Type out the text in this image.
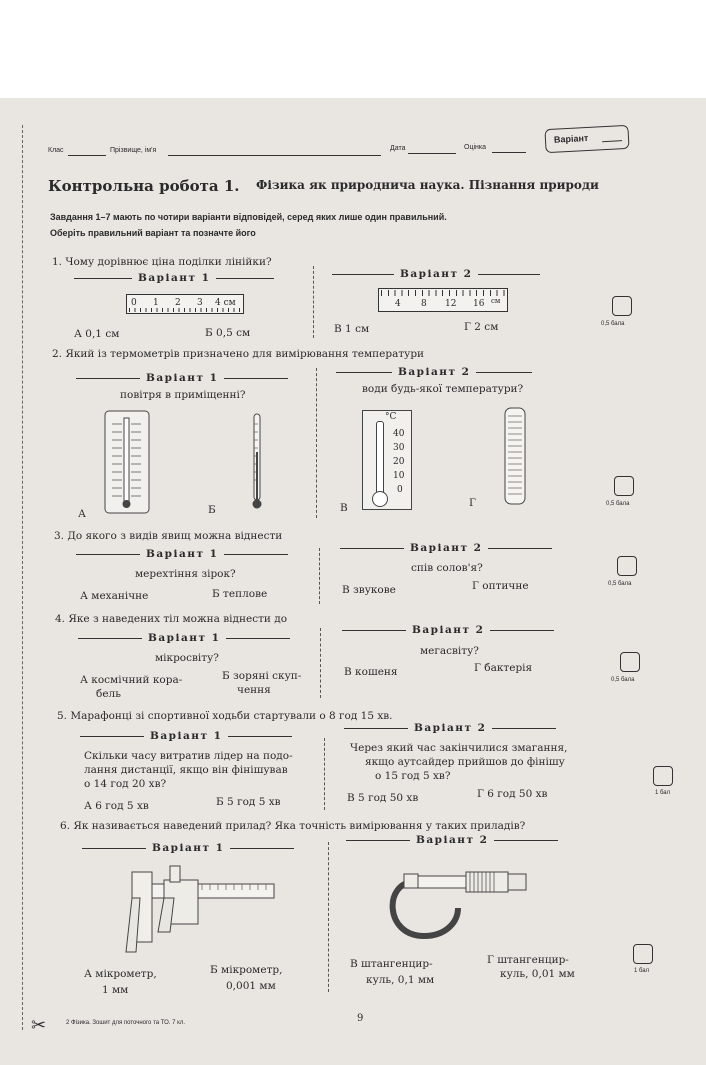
✂
Клас	Прізвище, ім'я	Дата	Оцінка
Варіант
Контрольна робота 1. Фізика як природнича наука. Пізнання природи
Завдання 1–7 мають по чотири варіанти відповідей, серед яких лише один правильний.
Оберіть правильний варіант та позначте його
1. Чому дорівнює ціна поділки лінійки?
Варіант 1	Варіант 2
0 1 2 3 4 см	4 8 12 16 см
А 0,1 см	Б 0,5 см	В 1 см	Г 2 см	0,5 бала
2. Який із термометрів призначено для вимірювання температури
Варіант 1	Варіант 2
повітря в приміщенні?	води будь-якої температури?
°C
40
30
20
10
0
А	Б	В	Г	0,5 бала
3. До якого з видів явищ можна віднести
Варіант 1	Варіант 2
мерехтіння зірок?	спів солов'я?
А механічне	Б теплове	В звукове	Г оптичне	0,5 бала
4. Яке з наведених тіл можна віднести до
Варіант 1
Варіант 2
мікросвіту?
мегасвіту?
А космічний кора-
бель
Б зоряні скуп-
чення
В кошеня	Г бактерія
0,5 бала
5. Марафонці зі спортивної ходьби стартували о 8 год 15 хв.
Варіант 1
Варіант 2
Скільки часу витратив лідер на подо-
лання дистанції, якщо він фінішував
о 14 год 20 хв?
Через який час закінчилися змагання,
якщо аутсайдер прийшов до фінішу
о 15 год 5 хв?
А 6 год 5 хв	Б 5 год 5 хв	В 5 год 50 хв	Г 6 год 50 хв	1 бал
6. Як називається наведений прилад? Яка точність вимірювання у таких приладів?
Варіант 1
Варіант 2
А мікрометр,
1 мм
Б мікрометр,
0,001 мм
В штангенцир-
куль, 0,1 мм
Г штангенцир-
куль, 0,01 мм	1 бал
2 Фізика. Зошит для поточного та ТО. 7 кл.	9
